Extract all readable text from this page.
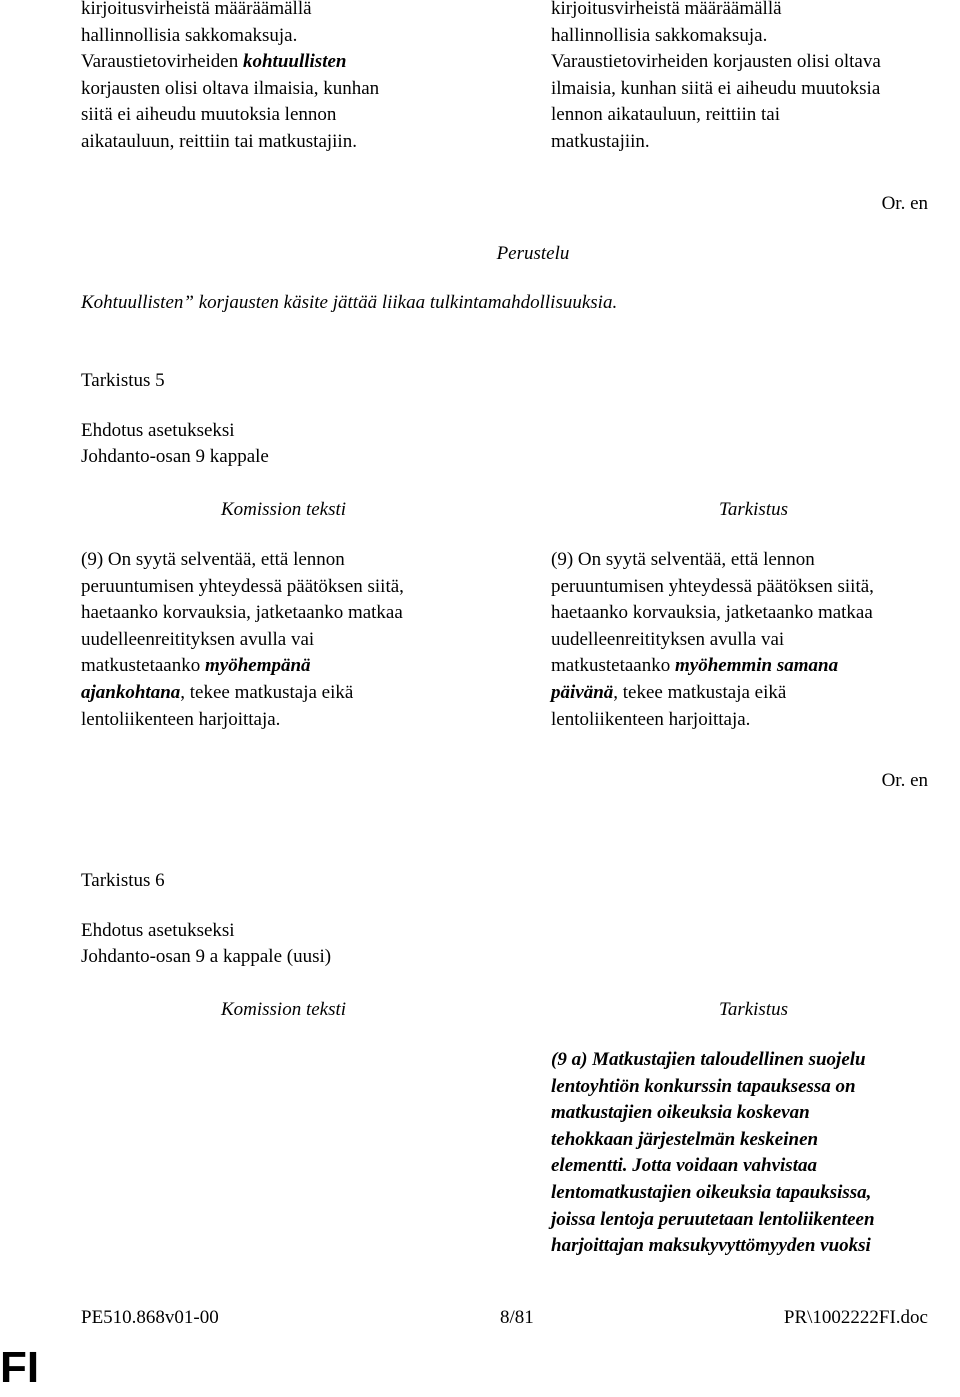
kirjoitusvirheistä määräämällä
hallinnollisia sakkomaksuja.
Varaustietovirheiden kohtuullisten
korjausten olisi oltava ilmaisia, kunhan
siitä ei aiheudu muutoksia lennon
aikatauluun, reittiin tai matkustajiin.
kirjoitusvirheistä määräämällä
hallinnollisia sakkomaksuja.
Varaustietovirheiden korjausten olisi oltava
ilmaisia, kunhan siitä ei aiheudu muutoksia
lennon aikatauluun, reittiin tai
matkustajiin.
Or. en
Perustelu
Kohtuullisten” korjausten käsite jättää liikaa tulkintamahdollisuuksia.
Tarkistus 5
Ehdotus asetukseksi
Johdanto-osan 9 kappale
Komission teksti	Tarkistus
(9) On syytä selventää, että lennon
peruuntumisen yhteydessä päätöksen siitä,
haetaanko korvauksia, jatketaanko matkaa
uudelleenreitityksen avulla vai
matkustetaanko myöhempänä
ajankohtana, tekee matkustaja eikä
lentoliikenteen harjoittaja.
(9) On syytä selventää, että lennon
peruuntumisen yhteydessä päätöksen siitä,
haetaanko korvauksia, jatketaanko matkaa
uudelleenreitityksen avulla vai
matkustetaanko myöhemmin samana
päivänä, tekee matkustaja eikä
lentoliikenteen harjoittaja.
Or. en
Tarkistus 6
Ehdotus asetukseksi
Johdanto-osan 9 a kappale (uusi)
Komission teksti	Tarkistus
(9 a) Matkustajien taloudellinen suojelu
lentoyhtiön konkurssin tapauksessa on
matkustajien oikeuksia koskevan
tehokkaan järjestelmän keskeinen
elementti. Jotta voidaan vahvistaa
lentomatkustajien oikeuksia tapauksissa,
joissa lentoja peruutetaan lentoliikenteen
harjoittajan maksukyvyttömyyden vuoksi
PE510.868v01-00	8/81	PR\1002222FI.doc
FI
